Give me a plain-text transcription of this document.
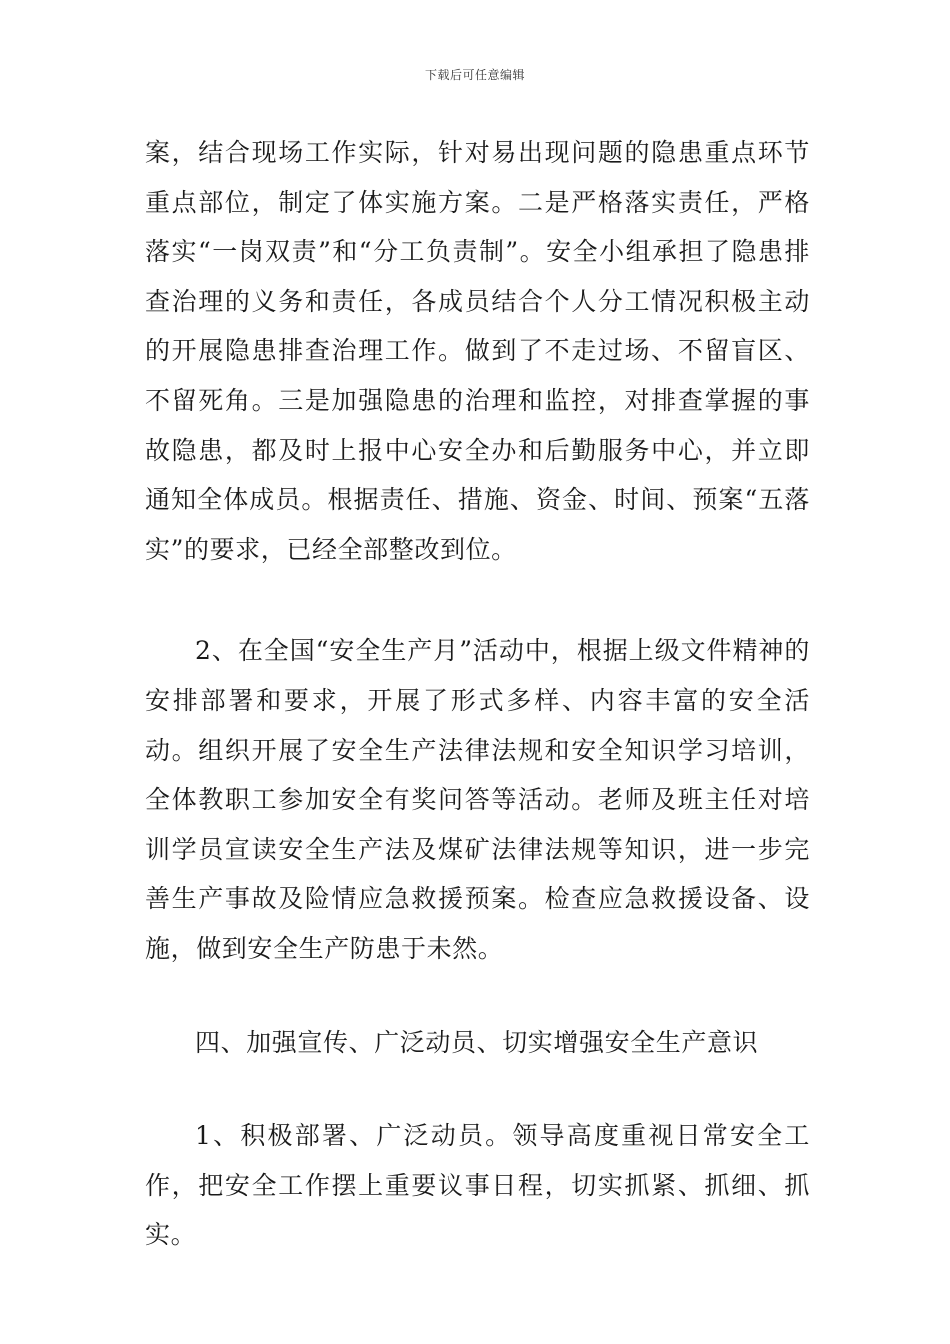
下载后可任意编辑

案，结合现场工作实际，针对易出现问题的隐患重点环节重点部位，制定了体实施方案。二是严格落实责任，严格落实“一岗双责”和“分工负责制”。安全小组承担了隐患排查治理的义务和责任，各成员结合个人分工情况积极主动的开展隐患排查治理工作。做到了不走过场、不留盲区、不留死角。三是加强隐患的治理和监控，对排查掌握的事故隐患，都及时上报中心安全办和后勤服务中心，并立即通知全体成员。根据责任、措施、资金、时间、预案“五落实”的要求，已经全部整改到位。

2、在全国“安全生产月”活动中，根据上级文件精神的安排部署和要求，开展了形式多样、内容丰富的安全活动。组织开展了安全生产法律法规和安全知识学习培训，全体教职工参加安全有奖问答等活动。老师及班主任对培训学员宣读安全生产法及煤矿法律法规等知识，进一步完善生产事故及险情应急救援预案。检查应急救援设备、设施，做到安全生产防患于未然。

四、加强宣传、广泛动员、切实增强安全生产意识

1、积极部署、广泛动员。领导高度重视日常安全工作，把安全工作摆上重要议事日程，切实抓紧、抓细、抓实。
